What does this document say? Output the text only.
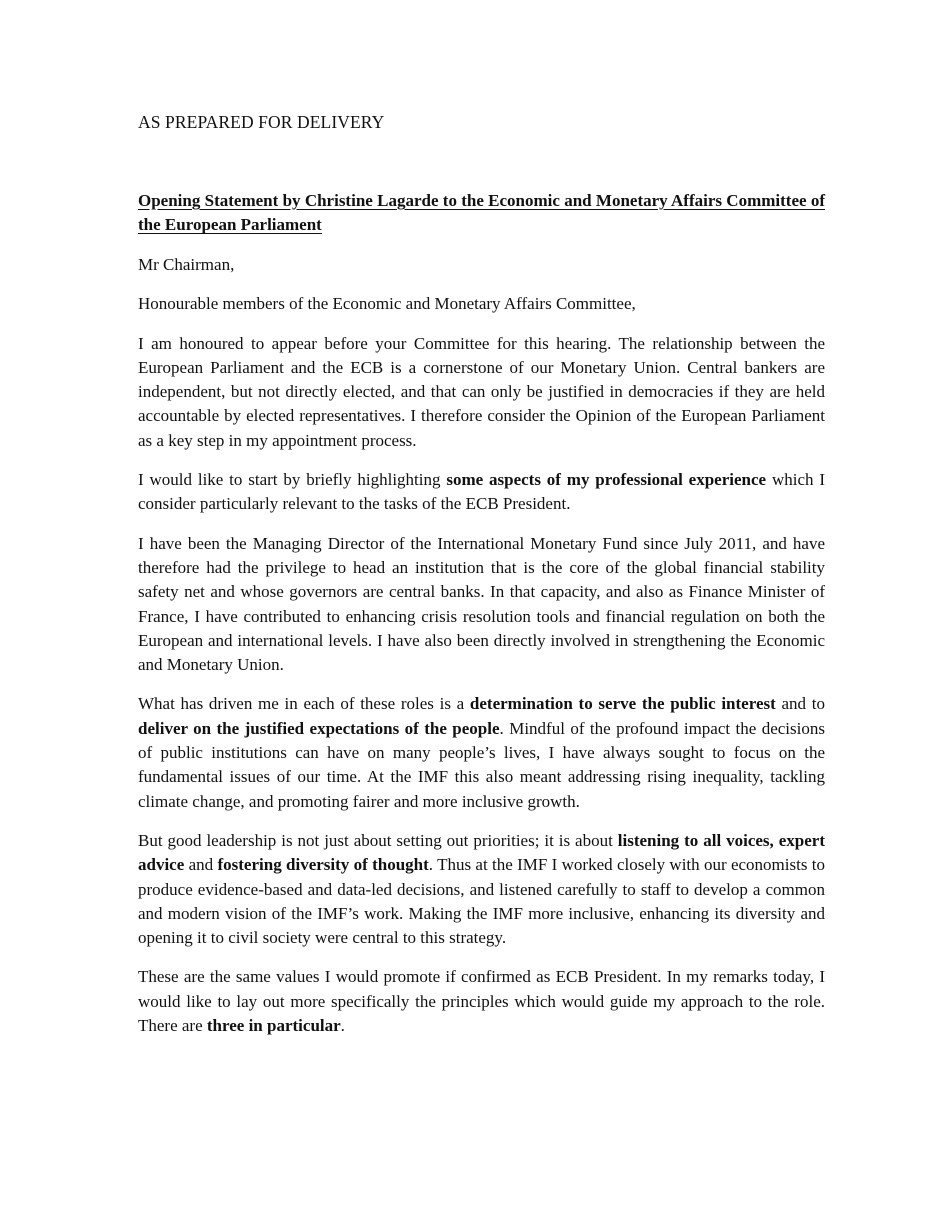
AS PREPARED FOR DELIVERY
Opening Statement by Christine Lagarde to the Economic and Monetary Affairs Committee of the European Parliament

Mr Chairman,

Honourable members of the Economic and Monetary Affairs Committee,

I am honoured to appear before your Committee for this hearing. The relationship between the European Parliament and the ECB is a cornerstone of our Monetary Union. Central bankers are independent, but not directly elected, and that can only be justified in democracies if they are held accountable by elected representatives. I therefore consider the Opinion of the European Parliament as a key step in my appointment process.

I would like to start by briefly highlighting some aspects of my professional experience which I consider particularly relevant to the tasks of the ECB President.

I have been the Managing Director of the International Monetary Fund since July 2011, and have therefore had the privilege to head an institution that is the core of the global financial stability safety net and whose governors are central banks. In that capacity, and also as Finance Minister of France, I have contributed to enhancing crisis resolution tools and financial regulation on both the European and international levels. I have also been directly involved in strengthening the Economic and Monetary Union.

What has driven me in each of these roles is a determination to serve the public interest and to deliver on the justified expectations of the people. Mindful of the profound impact the decisions of public institutions can have on many people’s lives, I have always sought to focus on the fundamental issues of our time. At the IMF this also meant addressing rising inequality, tackling climate change, and promoting fairer and more inclusive growth.

But good leadership is not just about setting out priorities; it is about listening to all voices, expert advice and fostering diversity of thought. Thus at the IMF I worked closely with our economists to produce evidence-based and data-led decisions, and listened carefully to staff to develop a common and modern vision of the IMF’s work. Making the IMF more inclusive, enhancing its diversity and opening it to civil society were central to this strategy.

These are the same values I would promote if confirmed as ECB President. In my remarks today, I would like to lay out more specifically the principles which would guide my approach to the role. There are three in particular.
